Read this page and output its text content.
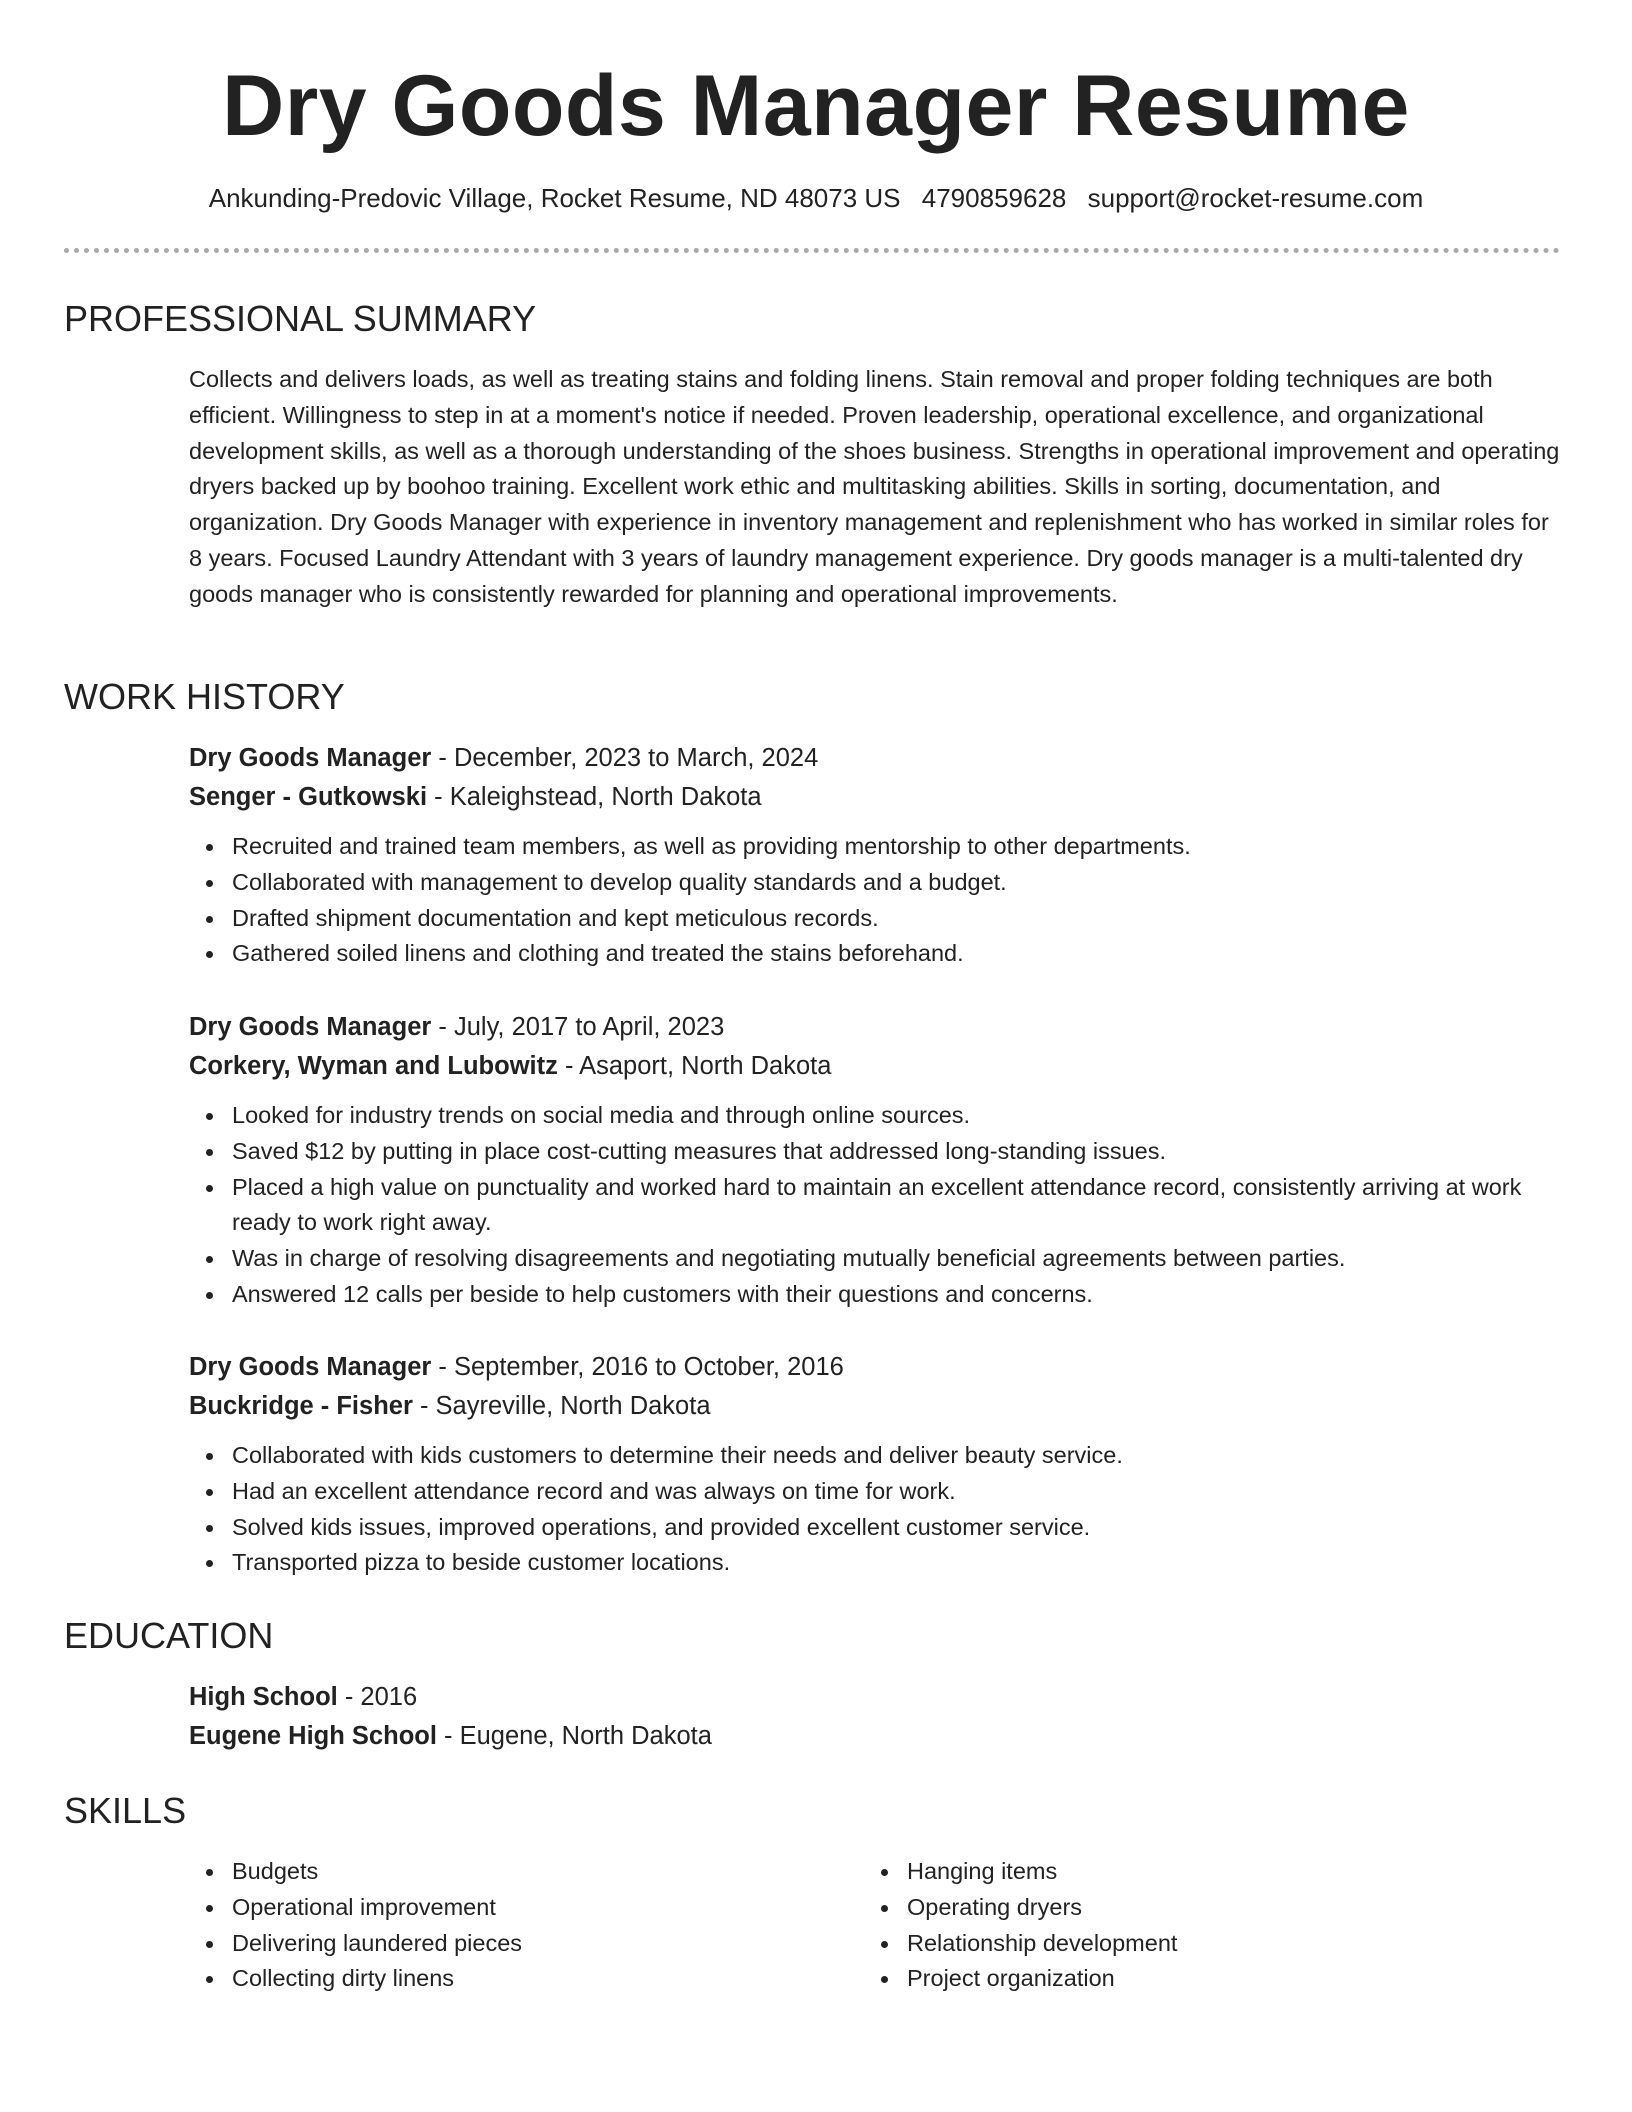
Dry Goods Manager Resume
Ankunding-Predovic Village, Rocket Resume, ND 48073 US 4790859628 support@rocket-resume.com
PROFESSIONAL SUMMARY

Collects and delivers loads, as well as treating stains and folding linens. Stain removal and proper folding techniques are both efficient. Willingness to step in at a moment's notice if needed. Proven leadership, operational excellence, and organizational development skills, as well as a thorough understanding of the shoes business. Strengths in operational improvement and operating dryers backed up by boohoo training. Excellent work ethic and multitasking abilities. Skills in sorting, documentation, and organization. Dry Goods Manager with experience in inventory management and replenishment who has worked in similar roles for 8 years. Focused Laundry Attendant with 3 years of laundry management experience. Dry goods manager is a multi-talented dry goods manager who is consistently rewarded for planning and operational improvements.

WORK HISTORY

Dry Goods Manager - December, 2023 to March, 2024

Senger - Gutkowski - Kaleighstead, North Dakota

Recruited and trained team members, as well as providing mentorship to other departments.
Collaborated with management to develop quality standards and a budget.
Drafted shipment documentation and kept meticulous records.
Gathered soiled linens and clothing and treated the stains beforehand.

Dry Goods Manager - July, 2017 to April, 2023

Corkery, Wyman and Lubowitz - Asaport, North Dakota

Looked for industry trends on social media and through online sources.
Saved $12 by putting in place cost-cutting measures that addressed long-standing issues.
Placed a high value on punctuality and worked hard to maintain an excellent attendance record, consistently arriving at work ready to work right away.
Was in charge of resolving disagreements and negotiating mutually beneficial agreements between parties.
Answered 12 calls per beside to help customers with their questions and concerns.

Dry Goods Manager - September, 2016 to October, 2016

Buckridge - Fisher - Sayreville, North Dakota

Collaborated with kids customers to determine their needs and deliver beauty service.
Had an excellent attendance record and was always on time for work.
Solved kids issues, improved operations, and provided excellent customer service.
Transported pizza to beside customer locations.
EDUCATION

High School - 2016

Eugene High School - Eugene, North Dakota

SKILLS
Budgets
Operational improvement
Delivering laundered pieces
Collecting dirty linens
Hanging items
Operating dryers
Relationship development
Project organization
